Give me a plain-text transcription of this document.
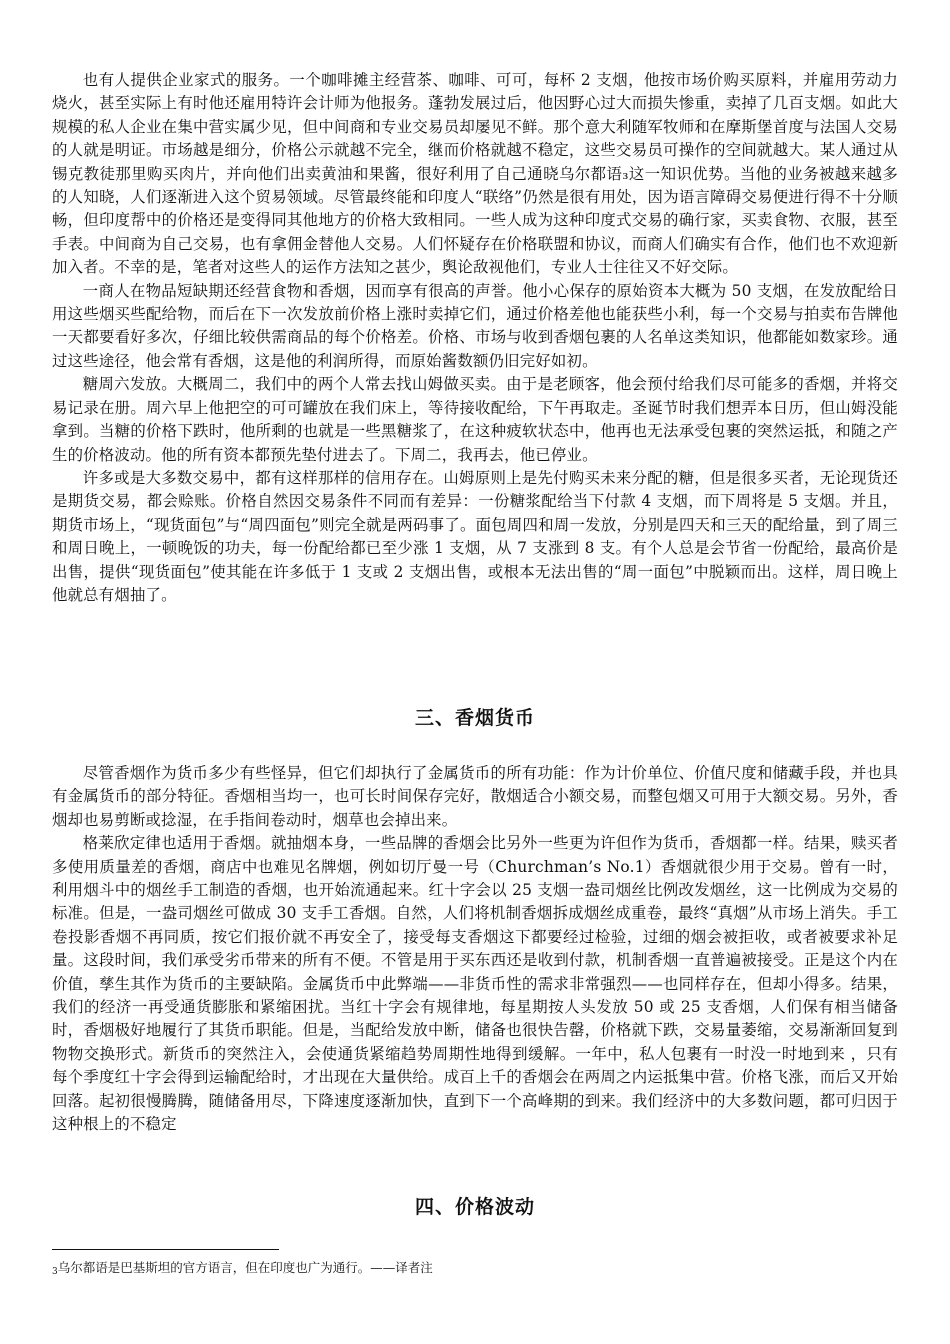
也有人提供企业家式的服务。一个咖啡摊主经营茶、咖啡、可可，每杯 2 支烟，他按市场价购买原料，并雇用劳动力烧火，甚至实际上有时他还雇用特许会计师为他报务。蓬勃发展过后，他因野心过大而损失惨重，卖掉了几百支烟。如此大规模的私人企业在集中营实属少见，但中间商和专业交易员却屡见不鲜。那个意大利随军牧师和在摩斯堡首度与法国人交易的人就是明证。市场越是细分，价格公示就越不完全，继而价格就越不稳定，这些交易员可操作的空间就越大。某人通过从锡克教徒那里购买肉片，并向他们出卖黄油和果酱，很好利用了自己通晓乌尔都语₃这一知识优势。当他的业务被越来越多的人知晓，人们逐渐进入这个贸易领域。尽管最终能和印度人“联络”仍然是很有用处，因为语言障碍交易便进行得不十分顺畅，但印度帮中的价格还是变得同其他地方的价格大致相同。一些人成为这种印度式交易的确行家，买卖食物、衣服，甚至手表。中间商为自己交易，也有拿佣金替他人交易。人们怀疑存在价格联盟和协议，而商人们确实有合作，他们也不欢迎新加入者。不幸的是，笔者对这些人的运作方法知之甚少，舆论敌视他们，专业人士往往又不好交际。

一商人在物品短缺期还经营食物和香烟，因而享有很高的声誉。他小心保存的原始资本大概为 50 支烟，在发放配给日用这些烟买些配给物，而后在下一次发放前价格上涨时卖掉它们，通过价格差他也能获些小利，每一个交易与拍卖布告牌他一天都要看好多次，仔细比较供需商品的每个价格差。价格、市场与收到香烟包裹的人名单这类知识，他都能如数家珍。通过这些途径，他会常有香烟，这是他的利润所得，而原始酱数额仍旧完好如初。

糖周六发放。大概周二，我们中的两个人常去找山姆做买卖。由于是老顾客，他会预付给我们尽可能多的香烟，并将交易记录在册。周六早上他把空的可可罐放在我们床上，等待接收配给，下午再取走。圣诞节时我们想弄本日历，但山姆没能拿到。当糖的价格下跌时，他所剩的也就是一些黑糖浆了，在这种疲软状态中，他再也无法承受包裹的突然运抵，和随之产生的价格波动。他的所有资本都预先垫付进去了。下周二，我再去，他已停业。

许多或是大多数交易中，都有这样那样的信用存在。山姆原则上是先付购买未来分配的糖，但是很多买者，无论现货还是期货交易，都会赊账。价格自然因交易条件不同而有差异：一份糖浆配给当下付款 4 支烟，而下周将是 5 支烟。并且，期货市场上，“现货面包”与“周四面包”则完全就是两码事了。面包周四和周一发放，分别是四天和三天的配给量，到了周三和周日晚上，一顿晚饭的功夫，每一份配给都已至少涨 1 支烟，从 7 支涨到 8 支。有个人总是会节省一份配给，最高价是出售，提供“现货面包”使其能在许多低于 1 支或 2 支烟出售，或根本无法出售的“周一面包”中脱颖而出。这样，周日晚上他就总有烟抽了。

三、香烟货币

尽管香烟作为货币多少有些怪异，但它们却执行了金属货币的所有功能：作为计价单位、价值尺度和储藏手段，并也具有金属货币的部分特征。香烟相当均一，也可长时间保存完好，散烟适合小额交易，而整包烟又可用于大额交易。另外，香烟却也易剪断或捻湿，在手指间卷动时，烟草也会掉出来。

格莱欣定律也适用于香烟。就抽烟本身，一些品牌的香烟会比另外一些更为许但作为货币，香烟都一样。结果，赎买者多使用质量差的香烟，商店中也难见名牌烟，例如切厅曼一号（Churchman’s No.1）香烟就很少用于交易。曾有一时，利用烟斗中的烟丝手工制造的香烟，也开始流通起来。红十字会以 25 支烟一盎司烟丝比例改发烟丝，这一比例成为交易的标准。但是，一盎司烟丝可做成 30 支手工香烟。自然，人们将机制香烟拆成烟丝成重卷，最终“真烟”从市场上消失。手工卷投影香烟不再同质，按它们报价就不再安全了，接受每支香烟这下都要经过检验，过细的烟会被拒收，或者被要求补足量。这段时间，我们承受劣币带来的所有不便。不管是用于买东西还是收到付款，机制香烟一直普遍被接受。正是这个内在价值，孳生其作为货币的主要缺陷。金属货币中此弊端——非货币性的需求非常强烈——也同样存在，但却小得多。结果，我们的经济一再受通货膨胀和紧缩困扰。当红十字会有规律地，每星期按人头发放 50 或 25 支香烟，人们保有相当储备时，香烟极好地履行了其货币职能。但是，当配给发放中断，储备也很快告罄，价格就下跌，交易量萎缩，交易渐渐回复到物物交换形式。新货币的突然注入，会使通货紧缩趋势周期性地得到缓解。一年中，私人包裹有一时没一时地到来 ，只有每个季度红十字会得到运输配给时，才出现在大量供给。成百上千的香烟会在两周之内运抵集中营。价格飞涨，而后又开始回落。起初很慢腾腾，随储备用尽，下降速度逐渐加快，直到下一个高峰期的到来。我们经济中的大多数问题，都可归因于这种根上的不稳定

四、价格波动
3乌尔都语是巴基斯坦的官方语言，但在印度也广为通行。——译者注
